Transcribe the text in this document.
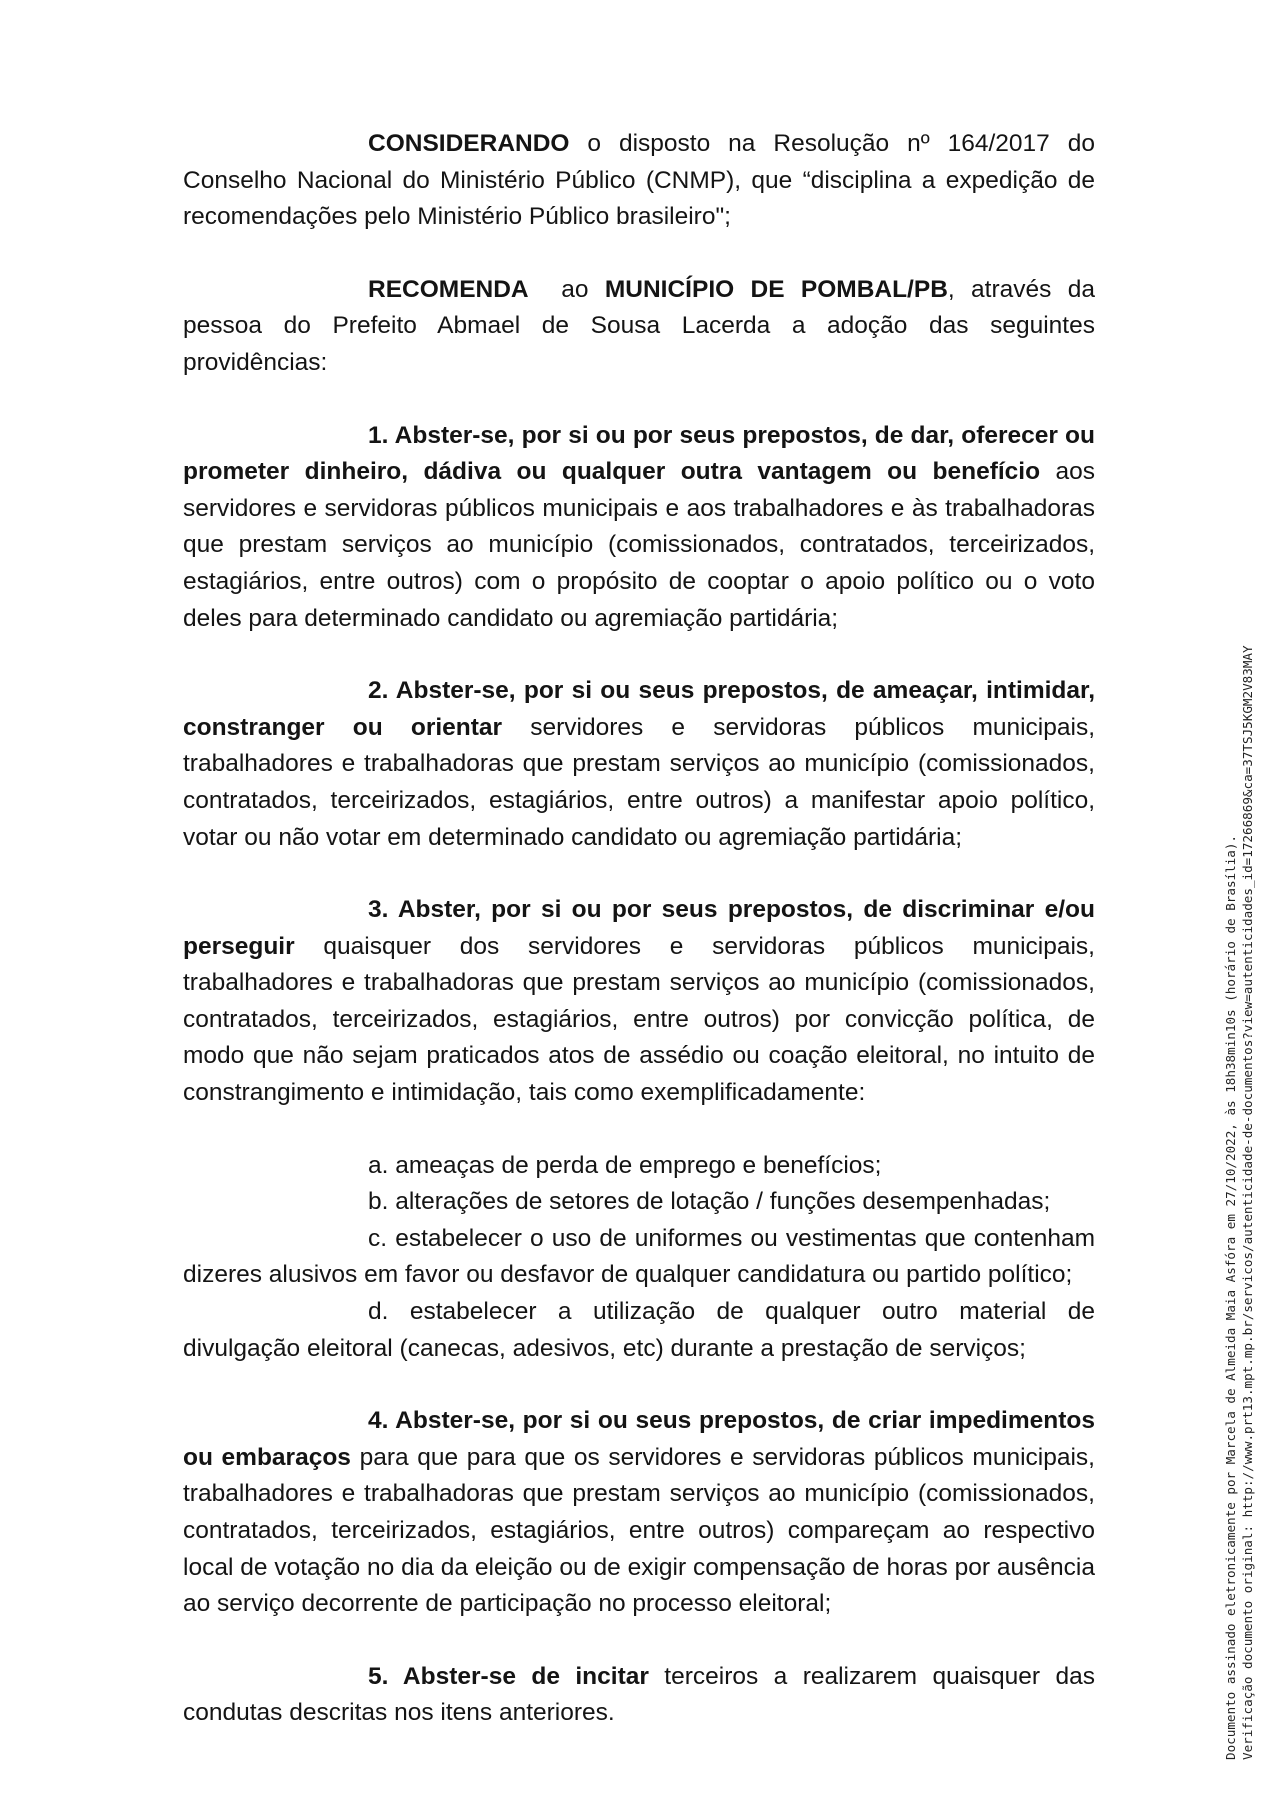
CONSIDERANDO o disposto na Resolução nº 164/2017 do Conselho Nacional do Ministério Público (CNMP), que “disciplina a expedição de recomendações pelo Ministério Público brasileiro";

RECOMENDA  ao MUNICÍPIO DE POMBAL/PB, através da pessoa do Prefeito Abmael de Sousa Lacerda a adoção das seguintes providências:

1. Abster-se, por si ou por seus prepostos, de dar, oferecer ou prometer dinheiro, dádiva ou qualquer outra vantagem ou benefício aos servidores e servidoras públicos municipais e aos trabalhadores e às trabalhadoras que prestam serviços ao município (comissionados, contratados, terceirizados, estagiários, entre outros) com o propósito de cooptar o apoio político ou o voto deles para determinado candidato ou agremiação partidária;

2. Abster-se, por si ou seus prepostos, de ameaçar, intimidar, constranger ou orientar servidores e servidoras públicos municipais,  trabalhadores e trabalhadoras que prestam serviços ao município (comissionados, contratados, terceirizados, estagiários, entre outros) a manifestar apoio político, votar ou não votar em determinado candidato ou agremiação partidária;

3. Abster, por si ou por seus prepostos, de discriminar e/ou perseguir quaisquer dos servidores e servidoras públicos municipais, trabalhadores e trabalhadoras que prestam serviços ao município (comissionados, contratados, terceirizados, estagiários, entre outros) por convicção política, de modo que não sejam praticados atos de assédio ou coação eleitoral, no intuito de constrangimento e intimidação, tais como exemplificadamente:

a. ameaças de perda de emprego e benefícios;

b. alterações de setores de lotação / funções desempenhadas;

c. estabelecer o uso de uniformes ou vestimentas que contenham dizeres alusivos em favor ou desfavor de qualquer candidatura ou partido político;

d. estabelecer a utilização de qualquer outro material de divulgação eleitoral (canecas, adesivos, etc) durante a prestação de serviços;

4. Abster-se, por si ou seus prepostos, de criar impedimentos ou embaraços para que para que os servidores e servidoras públicos municipais, trabalhadores e trabalhadoras que prestam serviços ao município (comissionados, contratados, terceirizados, estagiários, entre outros) compareçam ao respectivo local de votação no dia da eleição ou de exigir compensação de horas por ausência ao serviço decorrente de participação no processo eleitoral;

5. Abster-se de incitar terceiros a realizarem quaisquer das condutas descritas nos itens anteriores.	Documento assinado eletronicamente por Marcela de Almeida Maia Asfóra em 27/10/2022, às 18h38min10s (horário de Brasília). Verificação documento original: http://www.prt13.mpt.mp.br/servicos/autenticidade-de-documentos?view=autenticidades_id=17266869&ca=37TSJ5KGM2V83MAY
